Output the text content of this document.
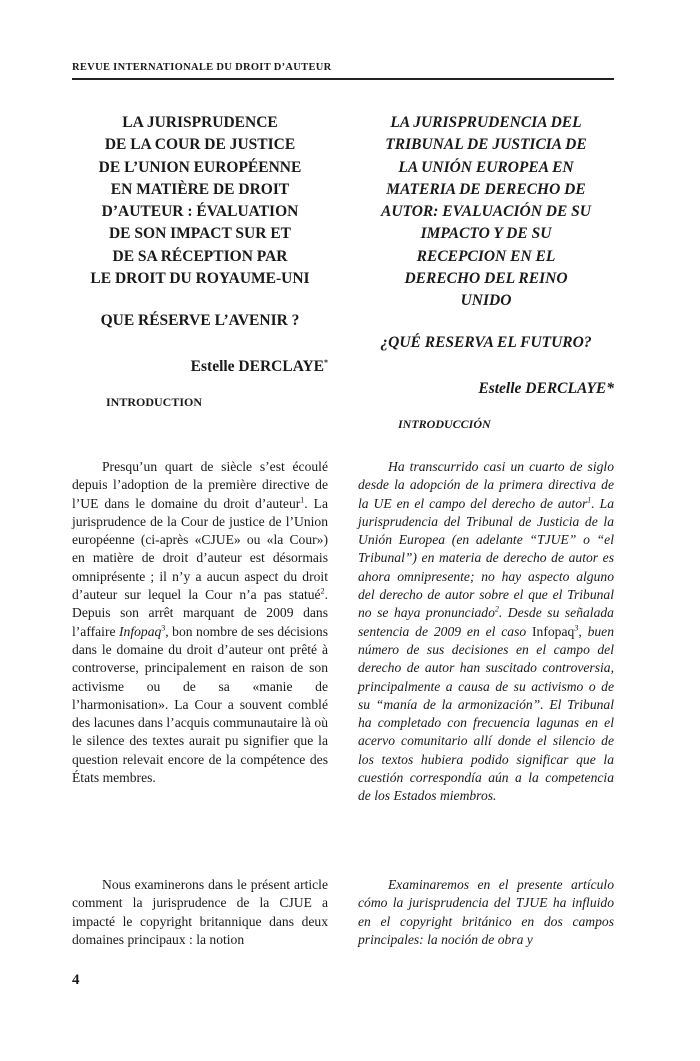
REVUE INTERNATIONALE DU DROIT D’AUTEUR
LA JURISPRUDENCE
DE LA COUR DE JUSTICE
DE L’UNION EUROPÉENNE
EN MATIÈRE DE DROIT
D’AUTEUR : ÉVALUATION
DE SON IMPACT SUR ET
DE SA RÉCEPTION PAR
LE DROIT DU ROYAUME-UNI
QUE RÉSERVE L’AVENIR ?
Estelle DERCLAYE*
INTRODUCTION
LA JURISPRUDENCIA DEL
TRIBUNAL DE JUSTICIA DE
LA UNIÓN EUROPEA EN
MATERIA DE DERECHO DE
AUTOR: EVALUACIÓN DE SU
IMPACTO Y DE SU
RECEPCION EN EL
DERECHO DEL REINO
UNIDO
¿QUÉ RESERVA EL FUTURO?
Estelle DERCLAYE*
INTRODUCCIÓN

Presqu’un quart de siècle s’est écoulé depuis l’adoption de la première directive de l’UE dans le domaine du droit d’auteur$^1$. La jurisprudence de la Cour de justice de l’Union européenne (ci-après «CJUE» ou «la Cour») en matière de droit d’auteur est désormais omniprésente ; il n’y a aucun aspect du droit d’auteur sur lequel la Cour n’a pas statué$^2$. Depuis son arrêt marquant de 2009 dans l’affaire Infopaq$^3$, bon nombre de ses décisions dans le domaine du droit d’auteur ont prêté à controverse, principalement en raison de son activisme ou de sa «manie de l’harmonisation». La Cour a souvent comblé des lacunes dans l’acquis communautaire là où le silence des textes aurait pu signifier que la question relevait encore de la compétence des États membres.

Ha transcurrido casi un cuarto de siglo desde la adopción de la primera directiva de la UE en el campo del derecho de autor$^1$. La jurisprudencia del Tribunal de Justicia de la Unión Europea (en adelante “TJUE” o “el Tribunal”) en materia de derecho de autor es ahora omnipresente; no hay aspecto alguno del derecho de autor sobre el que el Tribunal no se haya pronunciado$^2$. Desde su señalada sentencia de 2009 en el caso Infopaq$^3$, buen número de sus decisiones en el campo del derecho de autor han suscitado controversia, principalmente a causa de su activismo o de su “manía de la armonización”. El Tribunal ha completado con frecuencia lagunas en el acervo comunitario allí donde el silencio de los textos hubiera podido significar que la cuestión correspondía aún a la competencia de los Estados miembros.

Nous examinerons dans le présent article comment la jurisprudence de la CJUE a impacté le copyright britannique dans deux domaines principaux : la notion

Examinaremos en el presente artículo cómo la jurisprudencia del TJUE ha influido en el copyright británico en dos campos principales: la noción de obra y

4
